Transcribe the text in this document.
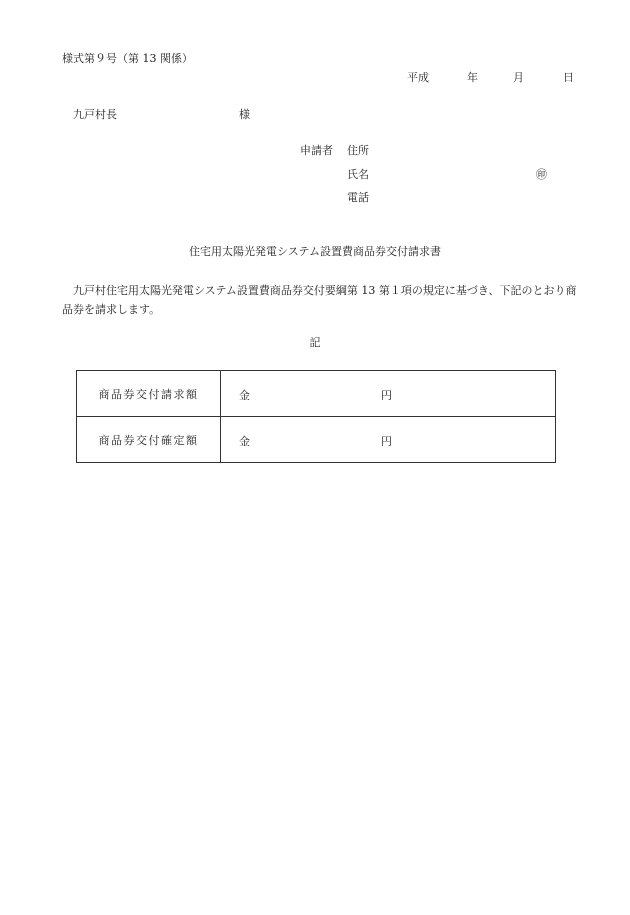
様式第９号（第 13 関係）
平成	年	月	日
九戸村長	様
申請者 住所
氏名	㊞
電話
住宅用太陽光発電システム設置費商品券交付請求書
九戸村住宅用太陽光発電システム設置費商品券交付要綱第 13 第１項の規定に基づき、下記のとおり商品券を請求します。
記
商品券交付請求額	金 円

商品券交付確定額	金 円
